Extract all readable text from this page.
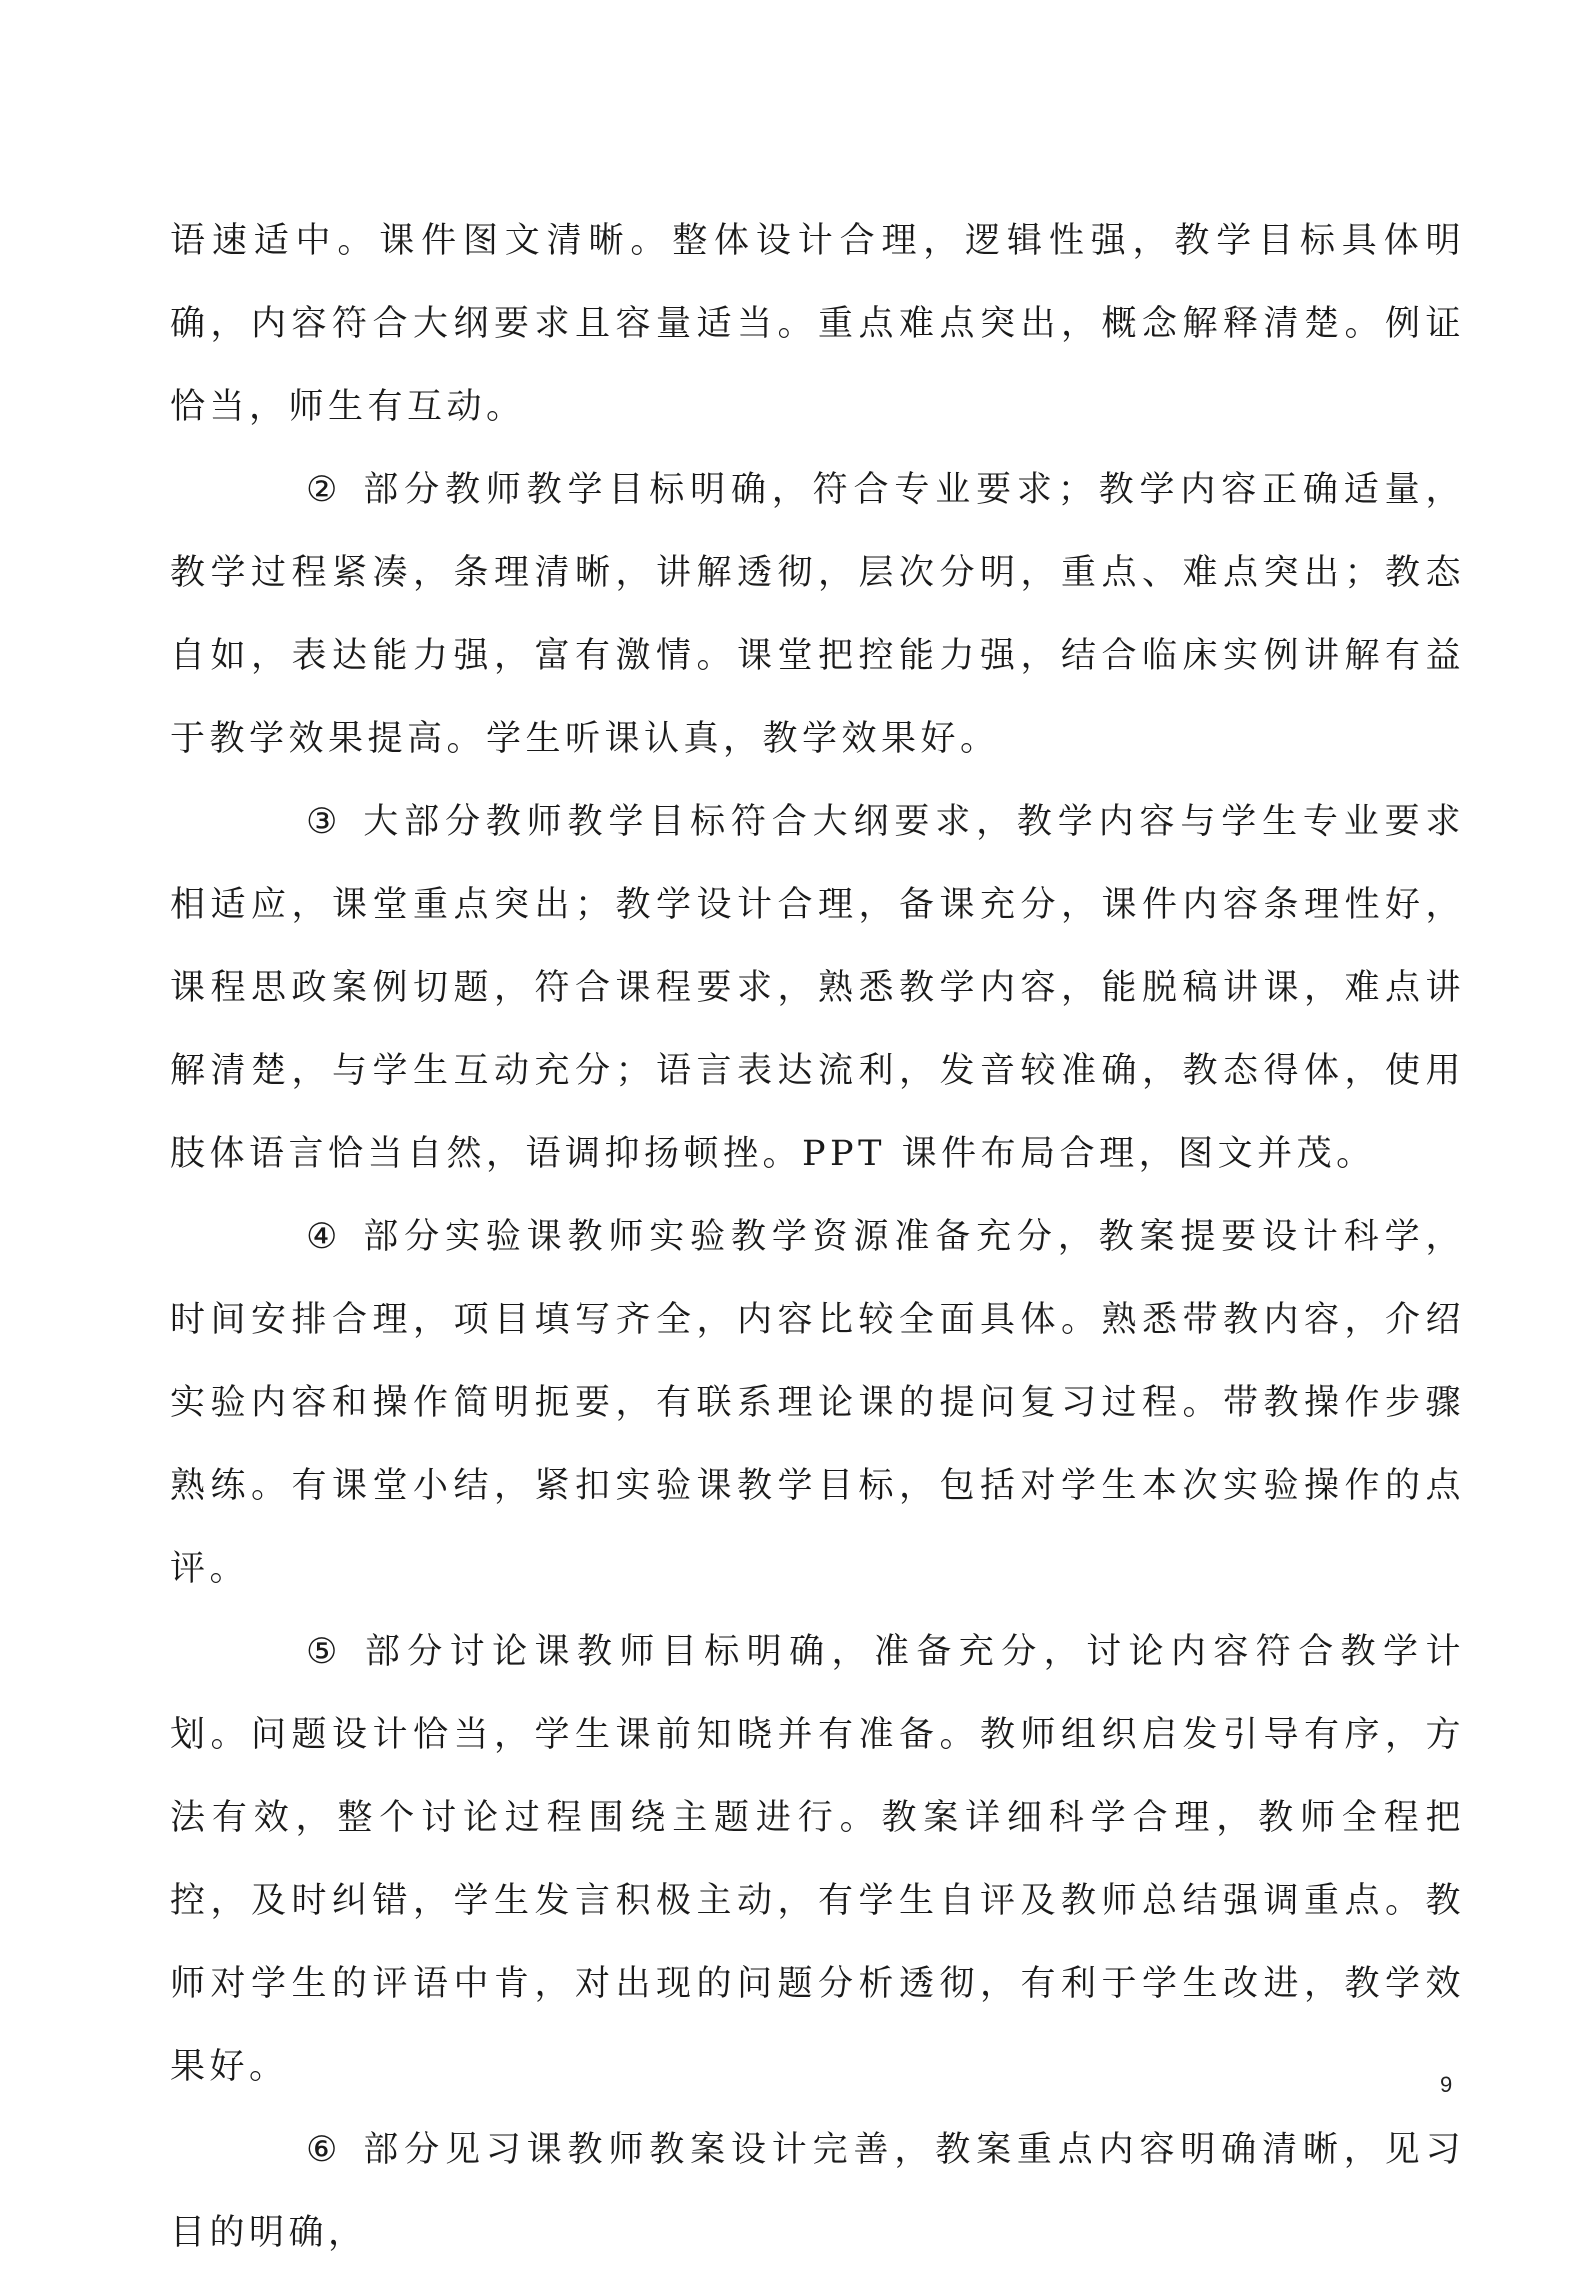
语速适中。课件图文清晰。整体设计合理，逻辑性强，教学目标具体明确，内容符合大纲要求且容量适当。重点难点突出，概念解释清楚。例证恰当，师生有互动。

② 部分教师教学目标明确，符合专业要求；教学内容正确适量，教学过程紧凑，条理清晰，讲解透彻，层次分明，重点、难点突出；教态自如，表达能力强，富有激情。课堂把控能力强，结合临床实例讲解有益于教学效果提高。学生听课认真，教学效果好。

③ 大部分教师教学目标符合大纲要求，教学内容与学生专业要求相适应，课堂重点突出；教学设计合理，备课充分，课件内容条理性好，课程思政案例切题，符合课程要求，熟悉教学内容，能脱稿讲课，难点讲解清楚，与学生互动充分；语言表达流利，发音较准确，教态得体，使用肢体语言恰当自然，语调抑扬顿挫。PPT 课件布局合理，图文并茂。

④ 部分实验课教师实验教学资源准备充分，教案提要设计科学，时间安排合理，项目填写齐全，内容比较全面具体。熟悉带教内容，介绍实验内容和操作简明扼要，有联系理论课的提问复习过程。带教操作步骤熟练。有课堂小结，紧扣实验课教学目标，包括对学生本次实验操作的点评。

⑤ 部分讨论课教师目标明确，准备充分，讨论内容符合教学计划。问题设计恰当，学生课前知晓并有准备。教师组织启发引导有序，方法有效，整个讨论过程围绕主题进行。教案详细科学合理，教师全程把控，及时纠错，学生发言积极主动，有学生自评及教师总结强调重点。教师对学生的评语中肯，对出现的问题分析透彻，有利于学生改进，教学效果好。

⑥ 部分见习课教师教案设计完善，教案重点内容明确清晰，见习目的明确，

9
